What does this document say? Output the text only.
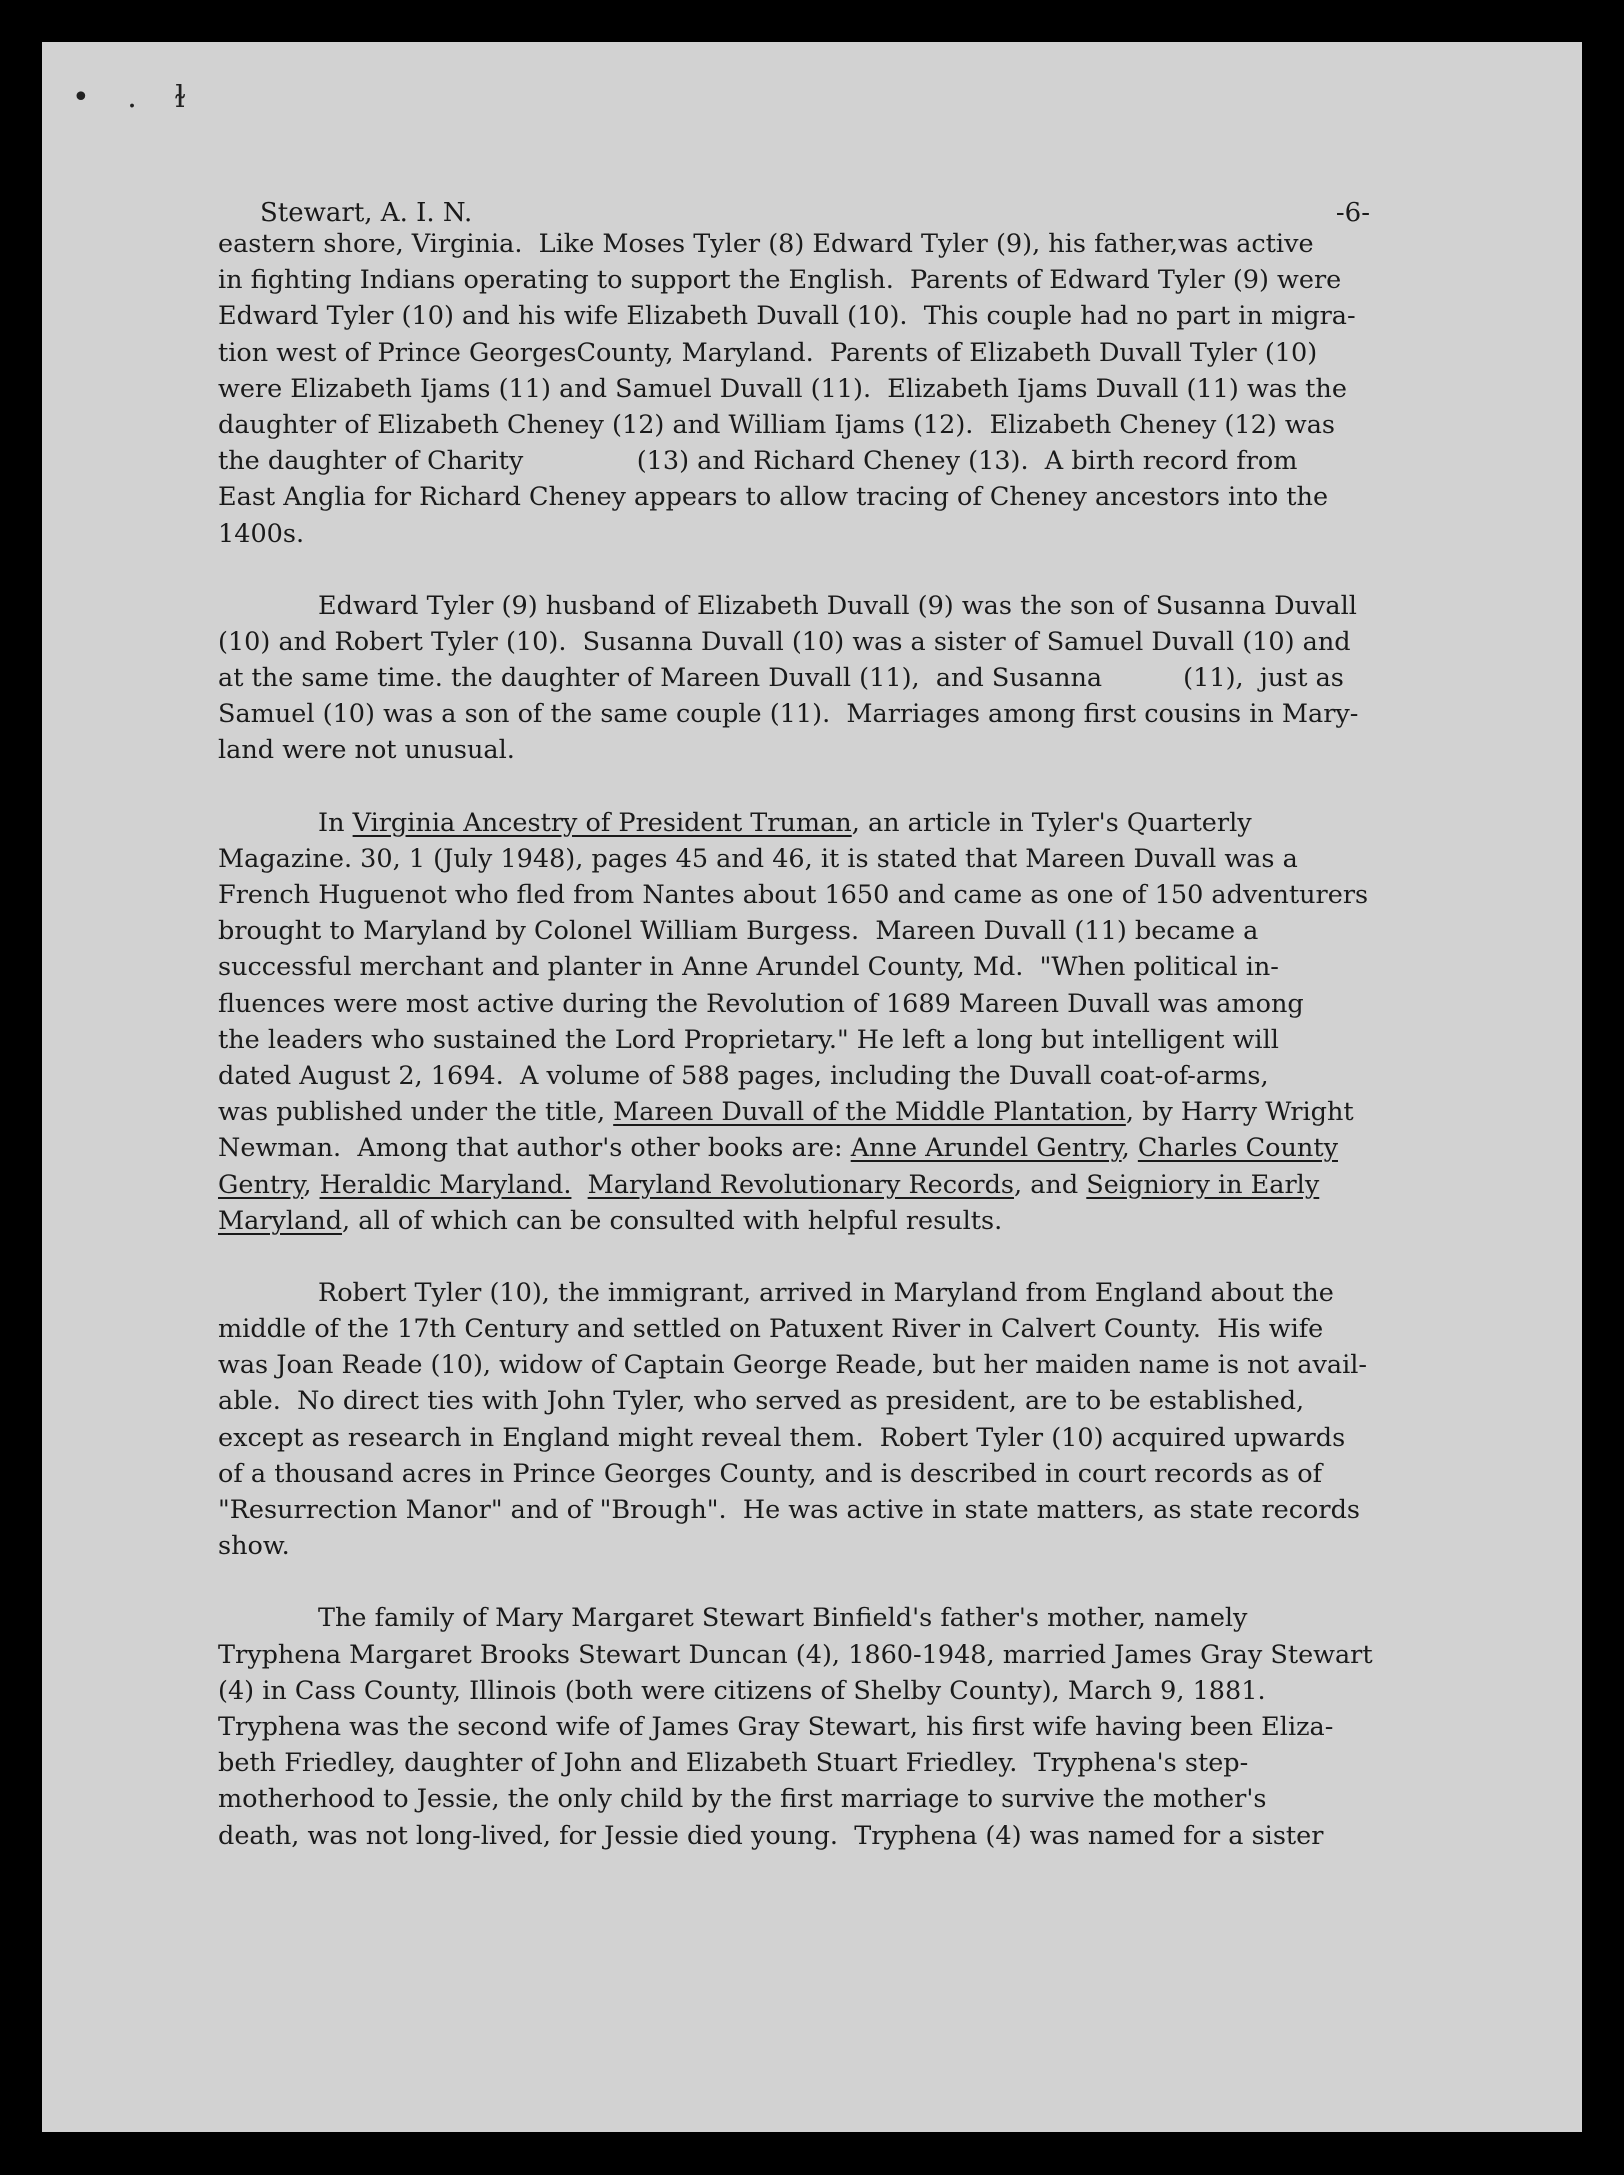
• . ɫ
Stewart, A. I. N.	-6-
eastern shore, Virginia.  Like Moses Tyler (8) Edward Tyler (9), his father,was active
in fighting Indians operating to support the English.  Parents of Edward Tyler (9) were
Edward Tyler (10) and his wife Elizabeth Duvall (10).  This couple had no part in migra-
tion west of Prince GeorgesCounty, Maryland.  Parents of Elizabeth Duvall Tyler (10)
were Elizabeth Ijams (11) and Samuel Duvall (11).  Elizabeth Ijams Duvall (11) was the
daughter of Elizabeth Cheney (12) and William Ijams (12).  Elizabeth Cheney (12) was
the daughter of Charity              (13) and Richard Cheney (13).  A birth record from
East Anglia for Richard Cheney appears to allow tracing of Cheney ancestors into the
1400s.
Edward Tyler (9) husband of Elizabeth Duvall (9) was the son of Susanna Duvall
(10) and Robert Tyler (10).  Susanna Duvall (10) was a sister of Samuel Duvall (10) and
at the same time. the daughter of Mareen Duvall (11),  and Susanna          (11),  just as
Samuel (10) was a son of the same couple (11).  Marriages among first cousins in Mary-
land were not unusual.
In Virginia Ancestry of President Truman, an article in Tyler's Quarterly
Magazine. 30, 1 (July 1948), pages 45 and 46, it is stated that Mareen Duvall was a
French Huguenot who fled from Nantes about 1650 and came as one of 150 adventurers
brought to Maryland by Colonel William Burgess.  Mareen Duvall (11) became a
successful merchant and planter in Anne Arundel County, Md.  "When political in-
fluences were most active during the Revolution of 1689 Mareen Duvall was among
the leaders who sustained the Lord Proprietary." He left a long but intelligent will
dated August 2, 1694.  A volume of 588 pages, including the Duvall coat-of-arms,
was published under the title, Mareen Duvall of the Middle Plantation, by Harry Wright
Newman.  Among that author's other books are: Anne Arundel Gentry, Charles County
Gentry, Heraldic Maryland. Maryland Revolutionary Records, and Seigniory in Early
Maryland, all of which can be consulted with helpful results.
Robert Tyler (10), the immigrant, arrived in Maryland from England about the
middle of the 17th Century and settled on Patuxent River in Calvert County.  His wife
was Joan Reade (10), widow of Captain George Reade, but her maiden name is not avail-
able.  No direct ties with John Tyler, who served as president, are to be established,
except as research in England might reveal them.  Robert Tyler (10) acquired upwards
of a thousand acres in Prince Georges County, and is described in court records as of
"Resurrection Manor" and of "Brough".  He was active in state matters, as state records
show.
The family of Mary Margaret Stewart Binfield's father's mother, namely
Tryphena Margaret Brooks Stewart Duncan (4), 1860-1948, married James Gray Stewart
(4) in Cass County, Illinois (both were citizens of Shelby County), March 9, 1881.
Tryphena was the second wife of James Gray Stewart, his first wife having been Eliza-
beth Friedley, daughter of John and Elizabeth Stuart Friedley.  Tryphena's step-
motherhood to Jessie, the only child by the first marriage to survive the mother's
death, was not long-lived, for Jessie died young.  Tryphena (4) was named for a sister
